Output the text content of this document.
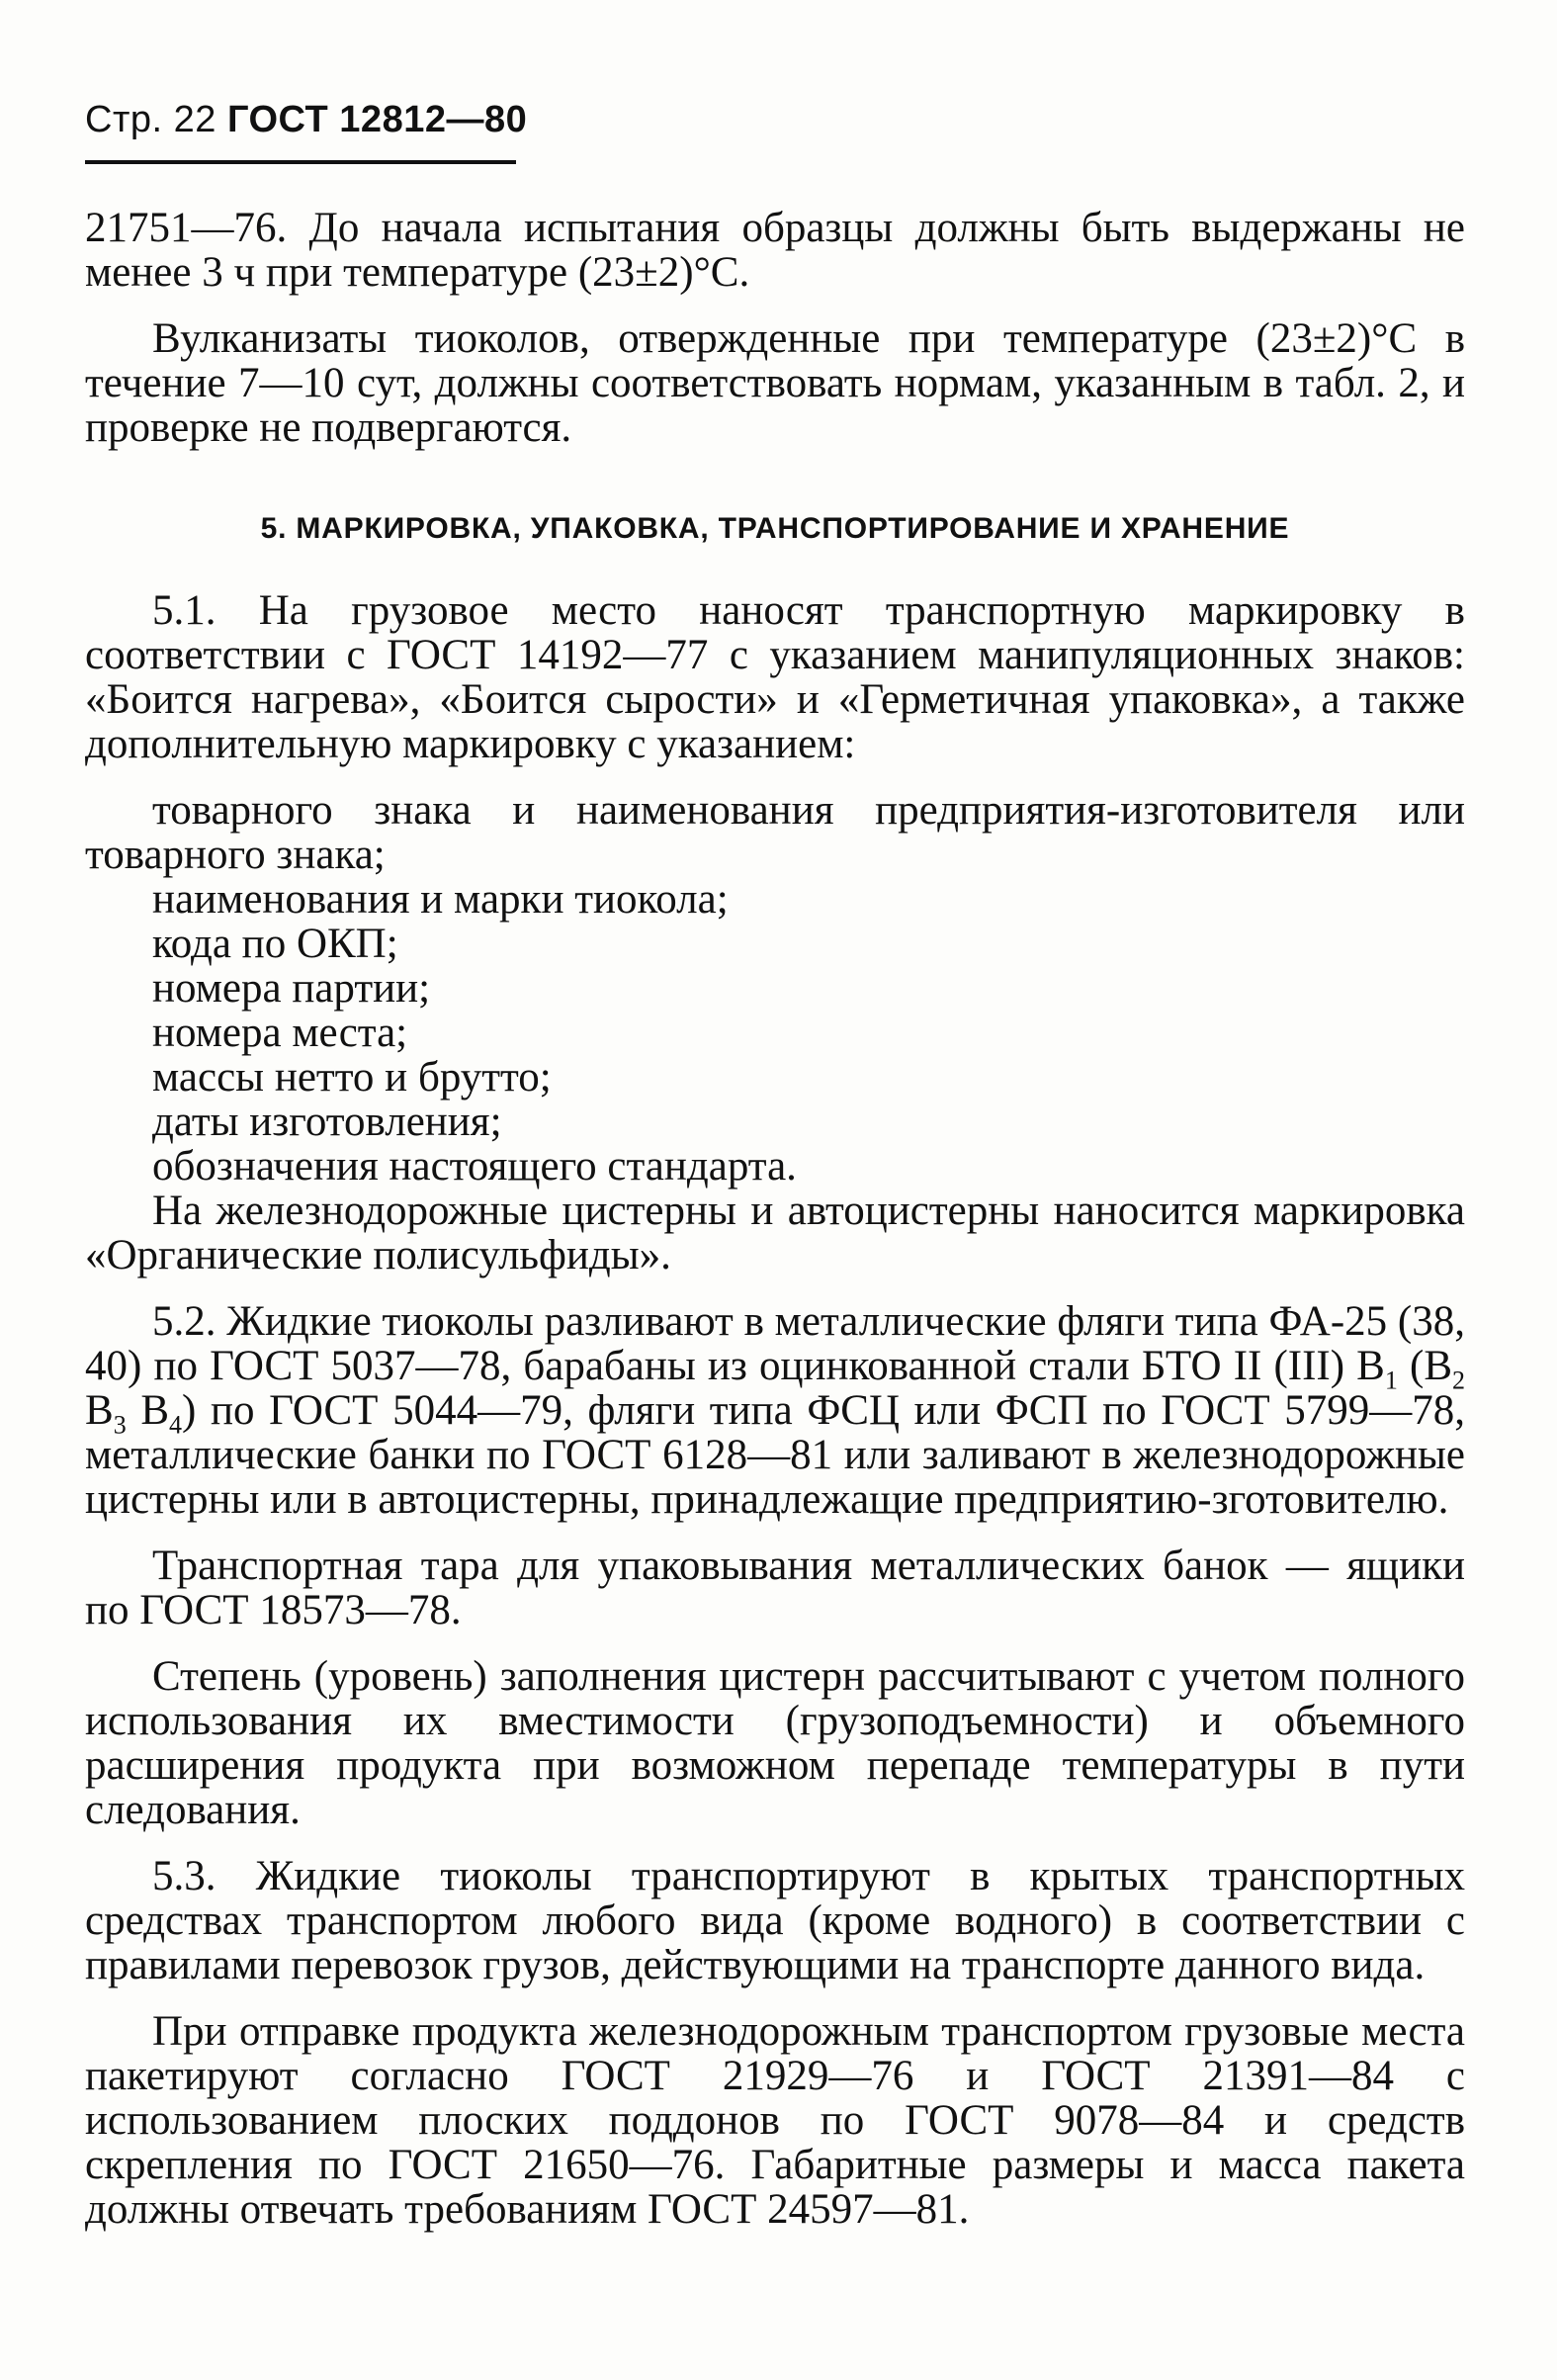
Стр. 22 ГОСТ 12812—80

21751—76. До начала испытания образцы должны быть выдержаны не менее 3 ч при температуре (23±2)°С.

Вулканизаты тиоколов, отвержденные при температуре (23±2)°С в течение 7—10 сут, должны соответствовать нормам, указанным в табл. 2, и проверке не подвергаются.

5. МАРКИРОВКА, УПАКОВКА, ТРАНСПОРТИРОВАНИЕ И ХРАНЕНИЕ

5.1. На грузовое место наносят транспортную маркировку в соответствии с ГОСТ 14192—77 с указанием манипуляционных знаков: «Боится нагрева», «Боится сырости» и «Герметичная упаковка», а также дополнительную маркировку с указанием:

товарного знака и наименования предприятия-изготовителя или товарного знака;

наименования и марки тиокола;

кода по ОКП;

номера партии;

номера места;

массы нетто и брутто;

даты изготовления;

обозначения настоящего стандарта.

На железнодорожные цистерны и автоцистерны наносится маркировка «Органические полисульфиды».

5.2. Жидкие тиоколы разливают в металлические фляги типа ФА-25 (38, 40) по ГОСТ 5037—78, барабаны из оцинкованной стали БТО II (III) $В_1$ ($В_2$ $В_3$ $В_4$) по ГОСТ 5044—79, фляги типа ФСЦ или ФСП по ГОСТ 5799—78, металлические банки по ГОСТ 6128—81 или заливают в железнодорожные цистерны или в автоцистерны, принадлежащие предприятию-зготовителю.

Транспортная тара для упаковывания металлических банок — ящики по ГОСТ 18573—78.

Степень (уровень) заполнения цистерн рассчитывают с учетом полного использования их вместимости (грузоподъемности) и объемного расширения продукта при возможном перепаде температуры в пути следования.

5.3. Жидкие тиоколы транспортируют в крытых транспортных средствах транспортом любого вида (кроме водного) в соответствии с правилами перевозок грузов, действующими на транспорте данного вида.

При отправке продукта железнодорожным транспортом грузовые места пакетируют согласно ГОСТ 21929—76 и ГОСТ 21391—84 с использованием плоских поддонов по ГОСТ 9078—84 и средств скрепления по ГОСТ 21650—76. Габаритные размеры и масса пакета должны отвечать требованиям ГОСТ 24597—81.
